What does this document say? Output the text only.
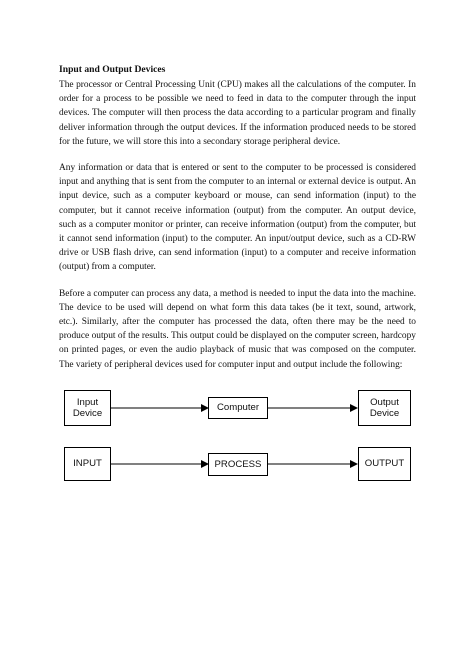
Input and Output Devices

The processor or Central Processing Unit (CPU) makes all the calculations of the computer. In order for a process to be possible we need to feed in data to the computer through the input devices. The computer will then process the data according to a particular program and finally deliver information through the output devices. If the information produced needs to be stored for the future, we will store this into a secondary storage peripheral device.

Any information or data that is entered or sent to the computer to be processed is considered input and anything that is sent from the computer to an internal or external device is output. An input device, such as a computer keyboard or mouse, can send information (input) to the computer, but it cannot receive information (output) from the computer. An output device, such as a computer monitor or printer, can receive information (output) from the computer, but it cannot send information (input) to the computer. An input/output device, such as a CD-RW drive or USB flash drive, can send information (input) to a computer and receive information (output) from a computer.

Before a computer can process any data, a method is needed to input the data into the machine. The device to be used will depend on what form this data takes (be it text, sound, artwork, etc.). Similarly, after the computer has processed the data, often there may be the need to produce output of the results. This output could be displayed on the computer screen, hardcopy on printed pages, or even the audio playback of music that was composed on the computer. The variety of peripheral devices used for computer input and output include the following:

Input
Device
Computer
Output
Device
INPUT	PROCESS	OUTPUT
